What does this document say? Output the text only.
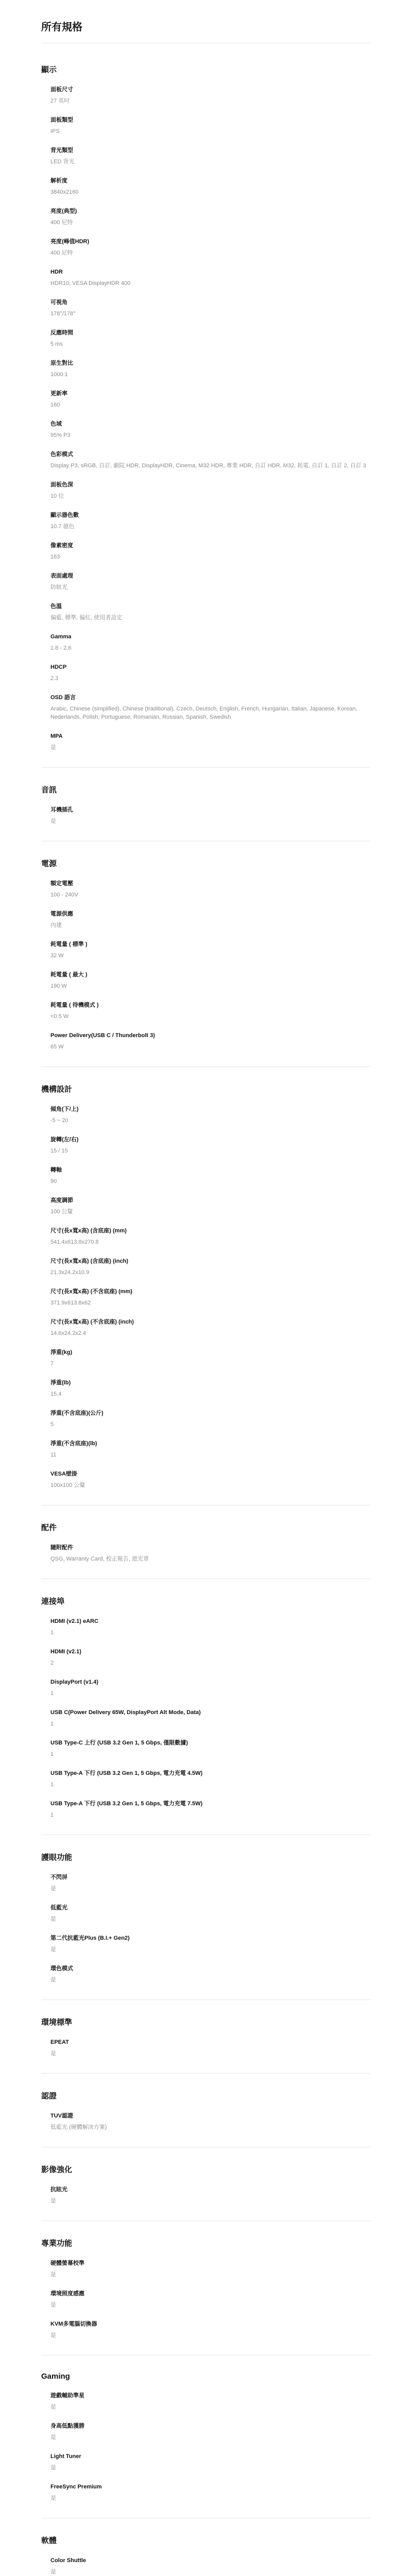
所有規格
顯示
面板尺寸
27 英吋
面板類型
IPS
背光類型
LED 背光
解析度
3840x2160
亮度(典型)
400 尼特
亮度(峰值HDR)
400 尼特
HDR
HDR10, VESA DisplayHDR 400
可視角
178°/178°
反應時間
5 ms
原生對比
1000:1
更新率
160
色域
95% P3
色彩模式
Display P3, sRGB, 自訂, 劇院 HDR, DisplayHDR, Cinema, M32 HDR, 專業 HDR, 自訂 HDR, M32, 耗電, 自訂 1, 自訂 2, 自訂 3
面板色深
10 位
顯示器色數
10.7 億色
像素密度
163
表面處理
防眩光
色溫
偏藍, 標準, 偏紅, 使用者設定
Gamma
1.8 - 2.6
HDCP
2.3
OSD 語言
Arabic, Chinese (simplified), Chinese (traditional), Czech, Deutsch, English, French, Hungarian, Italian, Japanese, Korean, Nederlands, Polish, Portuguese, Romanian, Russian, Spanish, Swedish
MPA
是
音訊
耳機插孔
是
電源
額定電壓
100 - 240V
電源供應
內建
耗電量 ( 標準 )
32 W
耗電量 ( 最大 )
190 W
耗電量 ( 待機模式 )
<0.5 W
Power Delivery(USB C / Thunderbolt 3)
65 W
機構設計
傾角(下/上)
-5 ~ 20
旋轉(左/右)
15 / 15
轉軸
90
高度調節
100 公釐
尺寸(長x寬x高) (含底座) (mm)
541.4x613.8x270.8
尺寸(長x寬x高) (含底座) (inch)
21.3x24.2x10.9
尺寸(長x寬x高) (不含底座) (mm)
371.9x613.8x62
尺寸(長x寬x高) (不含底座) (inch)
14.6x24.2x2.4
淨重(kg)
7
淨重(lb)
15.4
淨重(不含底座)(公斤)
5
淨重(不含底座)(lb)
11
VESA壁掛
100x100 公釐
配件
隨附配件
QSG, Warranty Card, 校正報告, 遮光罩
連接埠
HDMI (v2.1) eARC
1
HDMI (v2.1)
2
DisplayPort (v1.4)
1
USB C(Power Delivery 65W, DisplayPort Alt Mode, Data)
1
USB Type-C 上行 (USB 3.2 Gen 1, 5 Gbps, 僅限數據)
1
USB Type-A 下行 (USB 3.2 Gen 1, 5 Gbps, 電力充電 4.5W)
1
USB Type-A 下行 (USB 3.2 Gen 1, 5 Gbps, 電力充電 7.5W)
1
護眼功能
不閃屏
是
低藍光
是
第二代抗藍光Plus (B.I.+ Gen2)
是
環色模式
是
環境標準
EPEAT
是
認證
TUV認證
低藍光 (硬體解決方案)
影像強化
抗眩光
是
專業功能
硬體螢幕校準
是
環境照度感應
是
KVM多電腦切換器
是
Gaming
遊戲輔助準星
是
身高低點獲勝
是
Light Tuner
是
FreeSync Premium
是
軟體
Color Shuttle
是
